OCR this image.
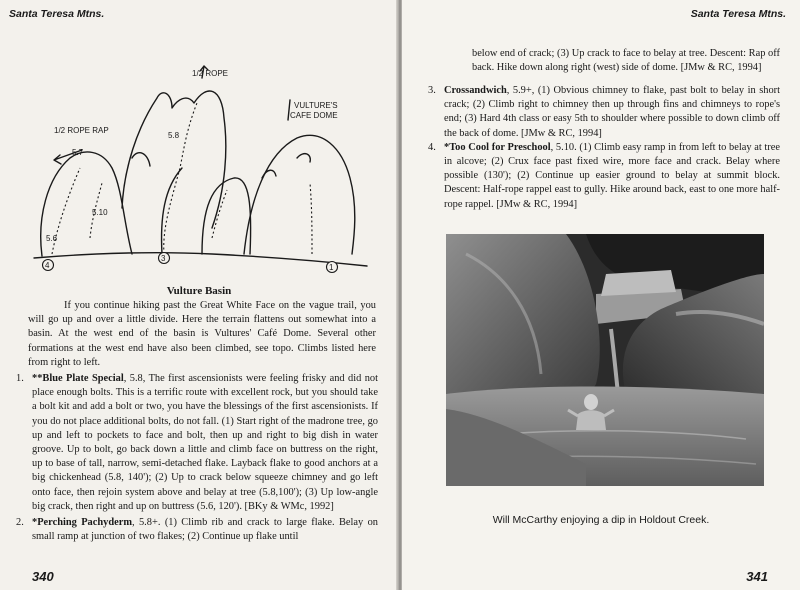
Santa Teresa Mtns.
4
3
1
1/2 ROPE RAP
1/2 ROPE
VULTURE'S
CAFE DOME
5.7
5.10
5.6
5.8
Vulture Basin
If you continue hiking past the Great White Face on the vague trail, you will go up and over a little divide. Here the terrain flattens out somewhat into a basin. At the west end of the basin is Vultures' Café Dome. Several other formations at the west end have also been climbed, see topo. Climbs listed here from right to left.
1. **Blue Plate Special, 5.8, The first ascensionists were feeling frisky and did not place enough bolts. This is a terrific route with excellent rock, but you should take a bolt kit and add a bolt or two, you have the blessings of the first ascensionists. If you do not place additional bolts, do not fall. (1) Start right of the madrone tree, go up and left to pockets to face and bolt, then up and right to big dish in water groove. Up to bolt, go back down a little and climb face on buttress on the right, up to base of tall, narrow, semi-detached flake. Layback flake to good anchors at a big chickenhead (5.8, 140'); (2) Up to crack below squeeze chimney and go left onto face, then rejoin system above and belay at tree (5.8,100'); (3) Up low-angle big crack, then right and up on buttress (5.6, 120'). [BKy & WMc, 1992]
2. *Perching Pachyderm, 5.8+. (1) Climb rib and crack to large flake. Belay on small ramp at junction of two flakes; (2) Continue up flake until
340
Santa Teresa Mtns.
below end of crack; (3) Up crack to face to belay at tree. Descent: Rap off back. Hike down along right (west) side of dome. [JMw & RC, 1994]
3. Crossandwich, 5.9+, (1) Obvious chimney to flake, past bolt to belay in short crack; (2) Climb right to chimney then up through fins and chimneys to rope's end; (3) Hard 4th class or easy 5th to shoulder where possible to down climb off the back of dome. [JMw & RC, 1994]
4. *Too Cool for Preschool, 5.10. (1) Climb easy ramp in from left to belay at tree in alcove; (2) Crux face past fixed wire, more face and crack. Belay where possible (130'); (2) Continue up easier ground to belay at summit block. Descent: Half-rope rappel east to gully. Hike around back, east to one more half-rope rappel. [JMw & RC, 1994]
Will McCarthy enjoying a dip in Holdout Creek.
341
